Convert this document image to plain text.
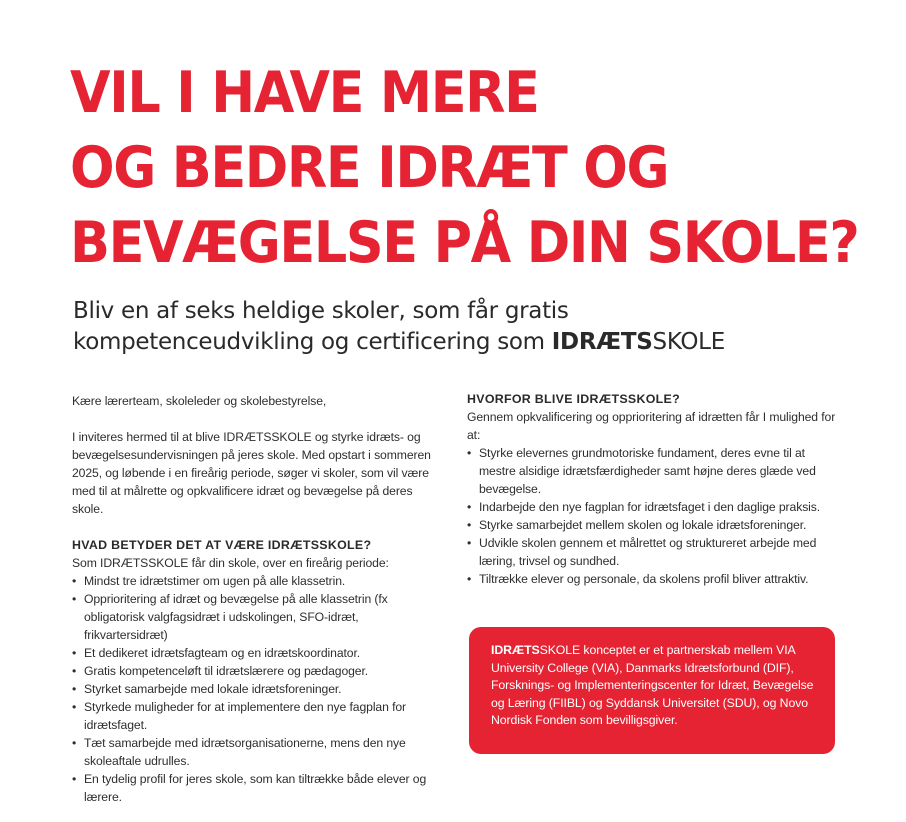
VIL I HAVE MERE
OG BEDRE IDRÆT OG
BEVÆGELSE PÅ DIN SKOLE?
Bliv en af seks heldige skoler, som får gratis
kompetenceudvikling og certificering som IDRÆTSSKOLE

Kære lærerteam, skoleleder og skolebestyrelse,

I inviteres hermed til at blive IDRÆTSSKOLE og styrke idræts- og bevægelsesundervisningen på jeres skole. Med opstart i sommeren 2025, og løbende i en fireårig periode, søger vi skoler, som vil være med til at målrette og opkvalificere idræt og bevægelse på deres skole.

HVAD BETYDER DET AT VÆRE IDRÆTSSKOLE?

Som IDRÆTSSKOLE får din skole, over en fireårig periode:

• Mindst tre idrætstimer om ugen på alle klassetrin.
• Opprioritering af idræt og bevægelse på alle klassetrin (fx obligatorisk valgfagsidræt i udskolingen, SFO-idræt, frikvartersidræt)
• Et dedikeret idrætsfagteam og en idrætskoordinator.
• Gratis kompetenceløft til idrætslærere og pædagoger.
• Styrket samarbejde med lokale idrætsforeninger.
• Styrkede muligheder for at implementere den nye fagplan for idrætsfaget.
• Tæt samarbejde med idrætsorganisationerne, mens den nye skoleaftale udrulles.
• En tydelig profil for jeres skole, som kan tiltrække både elever og lærere.

HVORFOR BLIVE IDRÆTSSKOLE?

Gennem opkvalificering og opprioritering af idrætten får I mulighed for at:

• Styrke elevernes grundmotoriske fundament, deres evne til at mestre alsidige idrætsfærdigheder samt højne deres glæde ved bevægelse.
• Indarbejde den nye fagplan for idrætsfaget i den daglige praksis.
• Styrke samarbejdet mellem skolen og lokale idrætsforeninger.
• Udvikle skolen gennem et målrettet og struktureret arbejde med læring, trivsel og sundhed.
• Tiltrække elever og personale, da skolens profil bliver attraktiv.
IDRÆTSSKOLE konceptet er et partnerskab mellem VIA University College (VIA), Danmarks Idrætsforbund (DIF), Forsknings- og Implementeringscenter for Idræt, Bevægelse og Læring (FIIBL) og Syddansk Universitet (SDU), og Novo Nordisk Fonden som bevilligsgiver.
